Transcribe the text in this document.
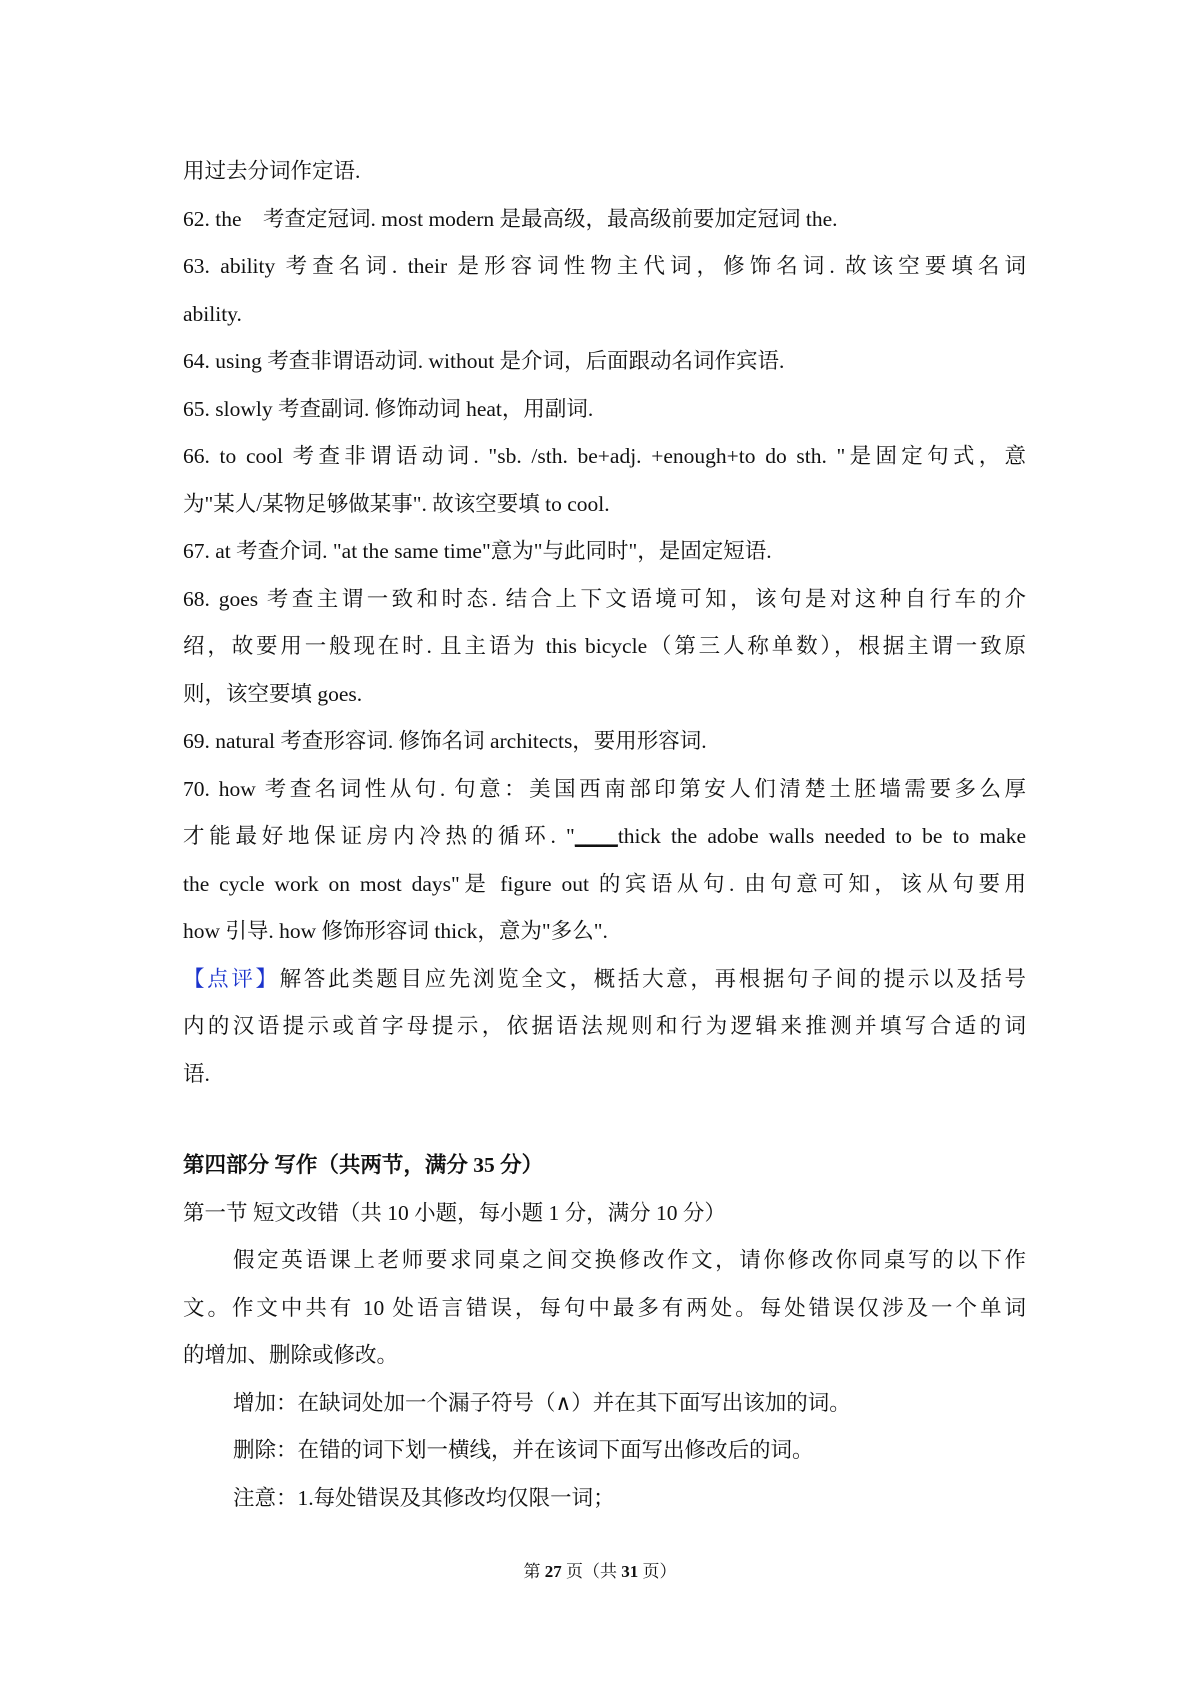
用过去分词作定语.

62. the　考查定冠词. most modern 是最高级，最高级前要加定冠词 the.

63. ability 考查名词. their 是形容词性物主代词，修饰名词. 故该空要填名词

ability.

64. using 考查非谓语动词. without 是介词，后面跟动名词作宾语.

65. slowly 考查副词. 修饰动词 heat，用副词.

66. to cool 考查非谓语动词. "sb. /sth. be+adj. +enough+to do sth. "是固定句式，意

为"某人/某物足够做某事". 故该空要填 to cool.

67. at 考查介词. "at the same time"意为"与此同时"，是固定短语.

68. goes 考查主谓一致和时态. 结合上下文语境可知，该句是对这种自行车的介

绍，故要用一般现在时. 且主语为 this bicycle（第三人称单数），根据主谓一致原

则，该空要填 goes.

69. natural 考查形容词. 修饰名词 architects，要用形容词.

70. how 考查名词性从句. 句意：美国西南部印第安人们清楚土胚墙需要多么厚

才能最好地保证房内冷热的循环. "____thick the adobe walls needed to be to make

the cycle work on most days"是 figure out 的宾语从句. 由句意可知，该从句要用

how 引导. how 修饰形容词 thick，意为"多么".

【点评】解答此类题目应先浏览全文，概括大意，再根据句子间的提示以及括号

内的汉语提示或首字母提示，依据语法规则和行为逻辑来推测并填写合适的词

语.

第四部分 写作（共两节，满分 35 分）

第一节 短文改错（共 10 小题，每小题 1 分，满分 10 分）

假定英语课上老师要求同桌之间交换修改作文，请你修改你同桌写的以下作

文。作文中共有 10 处语言错误，每句中最多有两处。每处错误仅涉及一个单词

的增加、删除或修改。

增加：在缺词处加一个漏子符号（∧）并在其下面写出该加的词。

删除：在错的词下划一横线，并在该词下面写出修改后的词。

注意：1.每处错误及其修改均仅限一词；

第 27 页（共 31 页）
